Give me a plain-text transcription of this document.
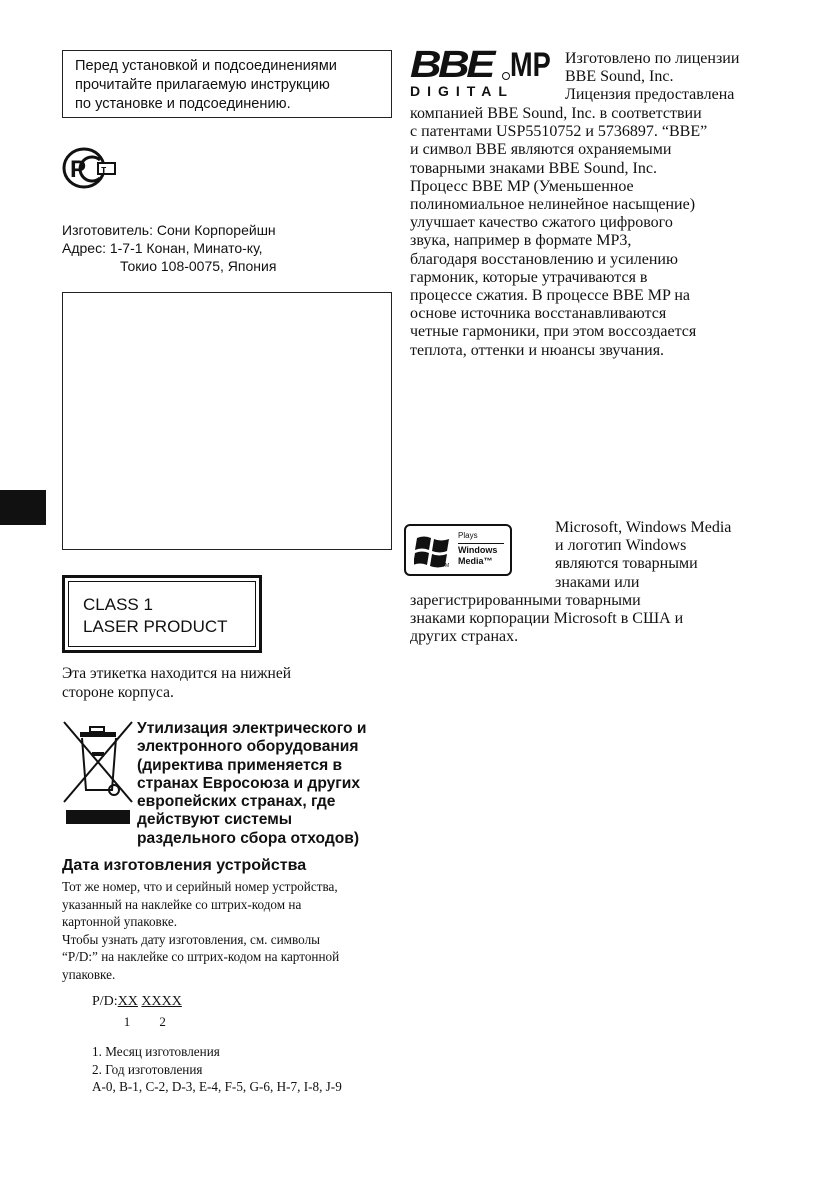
Перед установкой и подсоединениями
прочитайте прилагаемую инструкцию
по установке и подсоединению.
P т
Изготовитель: Сони Корпорейшн
Адрес: 1-7-1 Конан, Минато-ку,
Токио 108-0075, Япония
CLASS 1
LASER PRODUCT
Эта этикетка находится на нижней
стороне корпуса.
Утилизация электрического и
электронного оборудования
(директива применяется в
странах Евросоюза и других
европейских странах, где
действуют системы
раздельного сбора отходов)
Дата изготовления устройства
Тот же номер, что и серийный номер устройства,
указанный на наклейке со штрих-кодом на
картонной упаковке.
Чтобы узнать дату изготовления, см. символы
“P/D:” на наклейке со штрих-кодом на картонной
упаковке.
P/D:XX
1
XXXX
2
1. Месяц изготовления
2. Год изготовления
A-0, B-1, C-2, D-3, E-4, F-5, G-6, H-7, I-8, J-9
BBE MP
DIGITAL
Изготовлено по лицензии
BBE Sound, Inc.
Лицензия предоставлена
компанией BBE Sound, Inc. в соответствии
с патентами USP5510752 и 5736897. “BBE”
и символ BBE являются охраняемыми
товарными знаками BBE Sound, Inc.
Процесс BBE MP (Уменьшенное
полиномиальное нелинейное насыщение)
улучшает качество сжатого цифрового
звука, например в формате MP3,
благодаря восстановлению и усилению
гармоник, которые утрачиваются в
процессе сжатия. В процессе BBE MP на
основе источника восстанавливаются
четные гармоники, при этом воссоздается
теплота, оттенки и нюансы звучания.
Plays
Windows
Media™
TM
Microsoft, Windows Media
и логотип Windows
являются товарными
знаками или
зарегистрированными товарными
знаками корпорации Microsoft в США и
других странах.
